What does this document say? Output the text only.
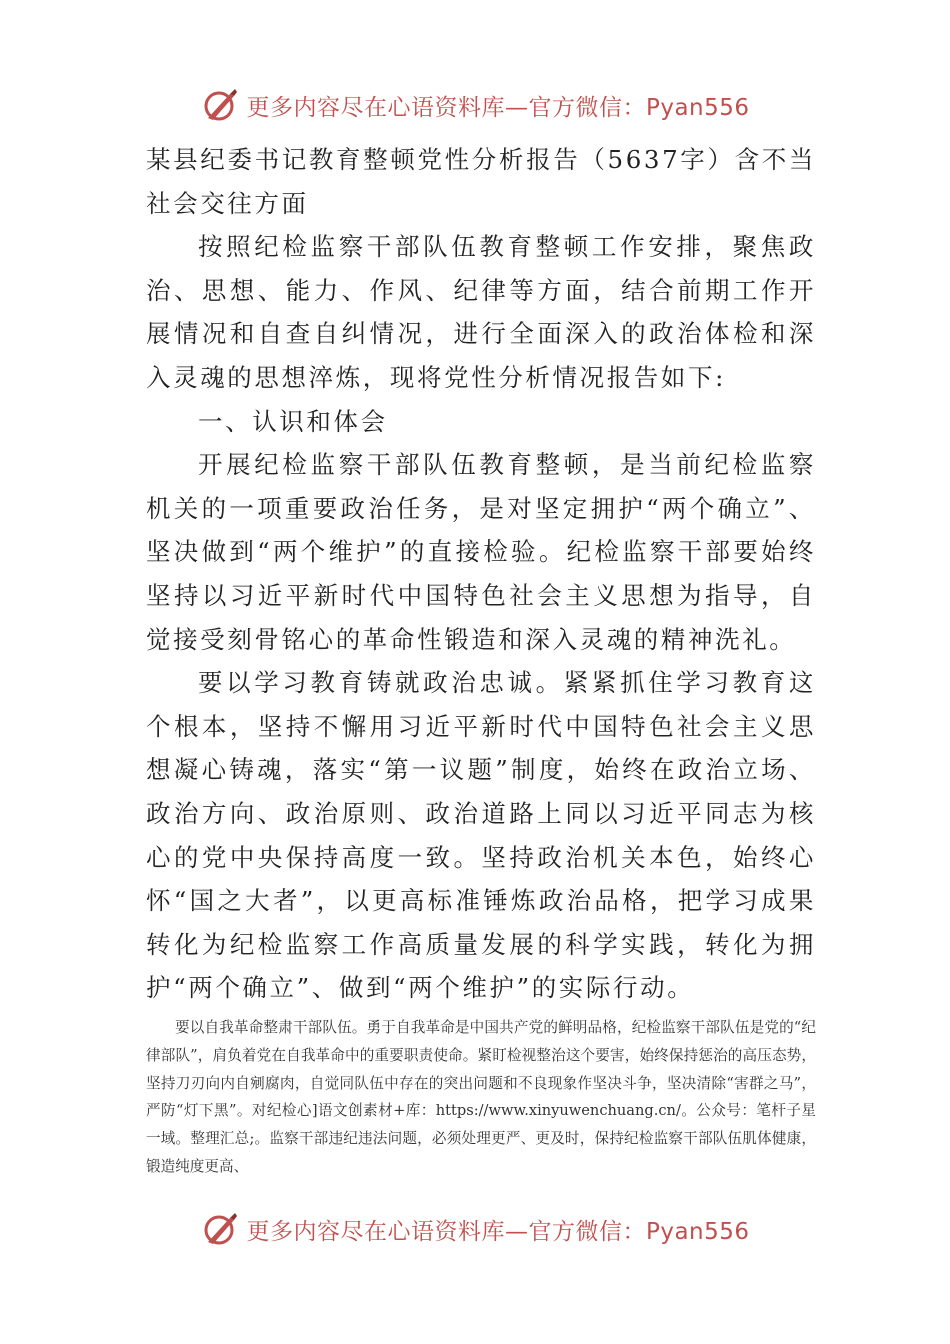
更多内容尽在心语资料库—官方微信：Pyan556

某县纪委书记教育整顿党性分析报告（5637字）含不当社会交往方面

按照纪检监察干部队伍教育整顿工作安排，聚焦政治、思想、能力、作风、纪律等方面，结合前期工作开展情况和自查自纠情况，进行全面深入的政治体检和深入灵魂的思想淬炼，现将党性分析情况报告如下:

一、认识和体会

开展纪检监察干部队伍教育整顿，是当前纪检监察机关的一项重要政治任务，是对坚定拥护“两个确立”、坚决做到“两个维护”的直接检验。纪检监察干部要始终坚持以习近平新时代中国特色社会主义思想为指导，自觉接受刻骨铭心的革命性锻造和深入灵魂的精神洗礼。

要以学习教育铸就政治忠诚。紧紧抓住学习教育这个根本，坚持不懈用习近平新时代中国特色社会主义思想凝心铸魂，落实“第一议题”制度，始终在政治立场、政治方向、政治原则、政治道路上同以习近平同志为核心的党中央保持高度一致。坚持政治机关本色，始终心怀“国之大者”，以更高标准锤炼政治品格，把学习成果转化为纪检监察工作高质量发展的科学实践，转化为拥护“两个确立”、做到“两个维护”的实际行动。

要以自我革命整肃干部队伍。勇于自我革命是中国共产党的鲜明品格，纪检监察干部队伍是党的“纪律部队”，肩负着党在自我革命中的重要职责使命。紧盯检视整治这个要害，始终保持惩治的高压态势，坚持刀刃向内自剜腐肉，自觉同队伍中存在的突出问题和不良现象作坚决斗争，坚决清除“害群之马”，严防“灯下黑”。对纪检心]语文创素材+库：https://www.xinyuwenchuang.cn/。公众号：笔杆子星一域。整理汇总;。监察干部违纪违法问题，必须处理更严、更及时，保持纪检监察干部队伍肌体健康，锻造纯度更高、

更多内容尽在心语资料库—官方微信：Pyan556
